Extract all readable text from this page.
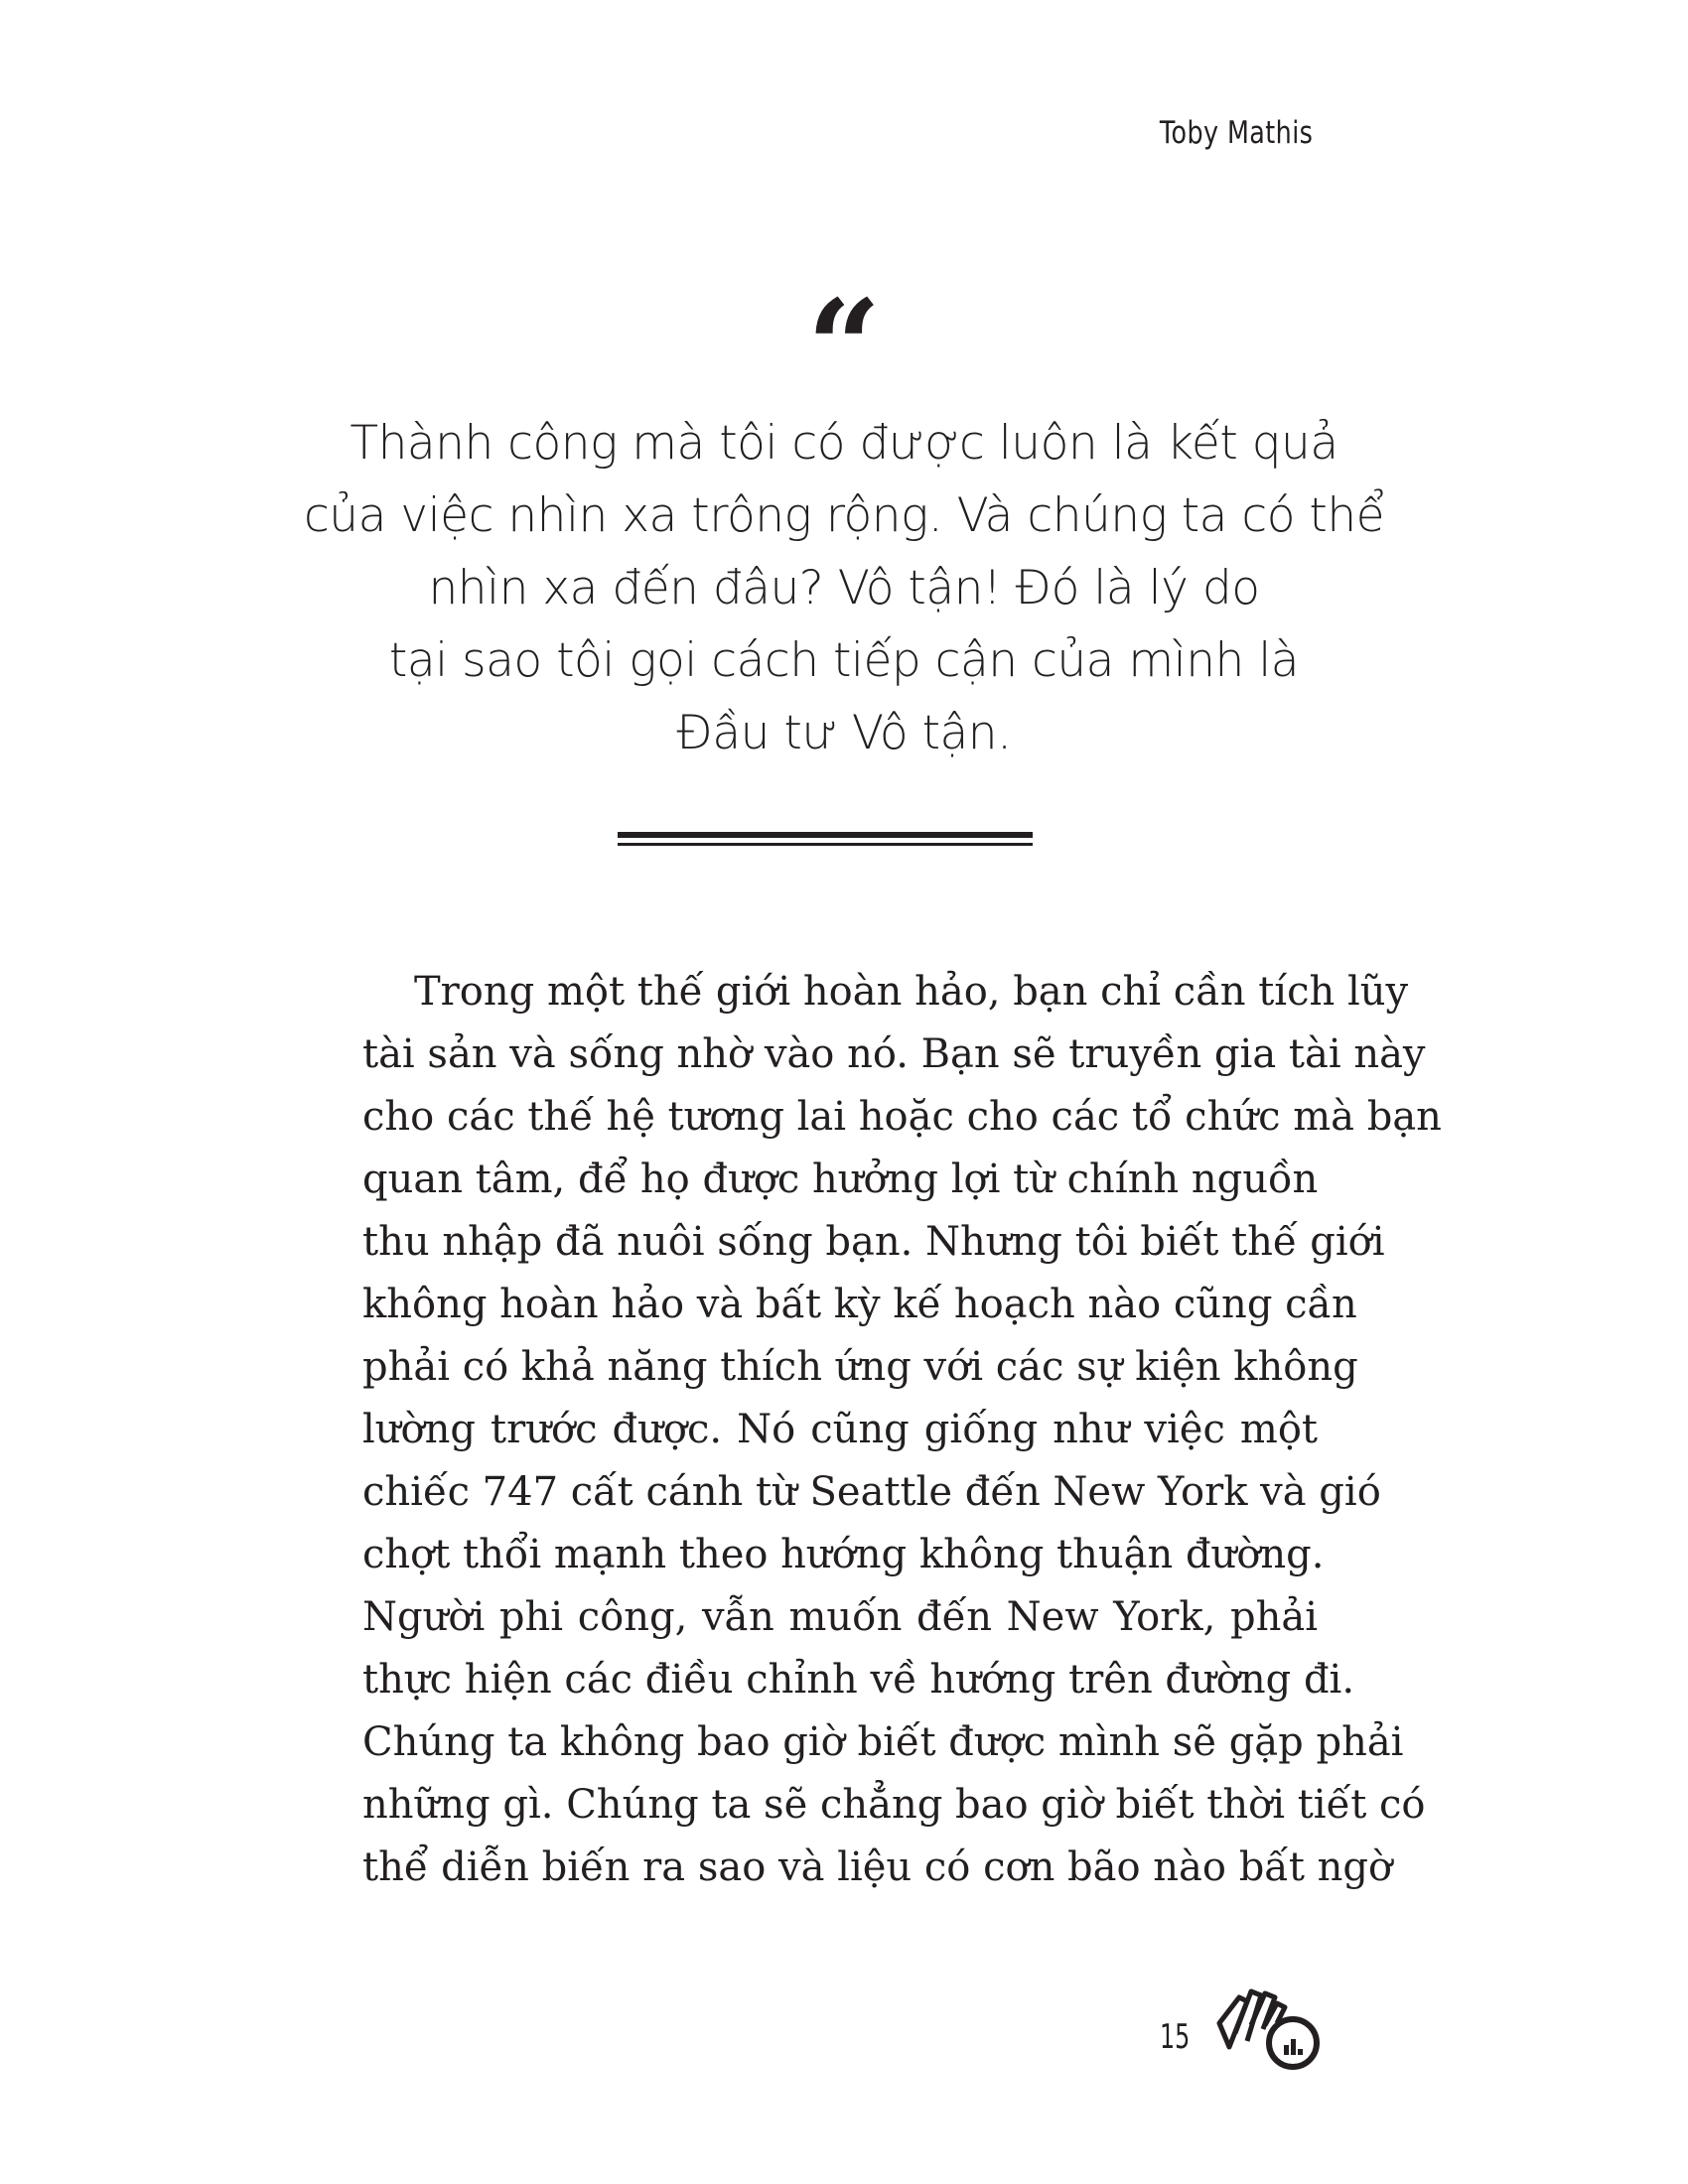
Toby Mathis
“
Thành công mà tôi có được luôn là kết quả
của việc nhìn xa trông rộng. Và chúng ta có thể
nhìn xa đến đâu? Vô tận! Đó là lý do
tại sao tôi gọi cách tiếp cận của mình là
Đầu tư Vô tận.
Trong một thế giới hoàn hảo, bạn chỉ cần tích lũy
tài sản và sống nhờ vào nó. Bạn sẽ truyền gia tài này
cho các thế hệ tương lai hoặc cho các tổ chức mà bạn
quan tâm, để họ được hưởng lợi từ chính nguồn
thu nhập đã nuôi sống bạn. Nhưng tôi biết thế giới
không hoàn hảo và bất kỳ kế hoạch nào cũng cần
phải có khả năng thích ứng với các sự kiện không
lường trước được. Nó cũng giống như việc một
chiếc 747 cất cánh từ Seattle đến New York và gió
chợt thổi mạnh theo hướng không thuận đường.
Người phi công, vẫn muốn đến New York, phải
thực hiện các điều chỉnh về hướng trên đường đi.
Chúng ta không bao giờ biết được mình sẽ gặp phải
những gì. Chúng ta sẽ chẳng bao giờ biết thời tiết có
thể diễn biến ra sao và liệu có cơn bão nào bất ngờ
15
